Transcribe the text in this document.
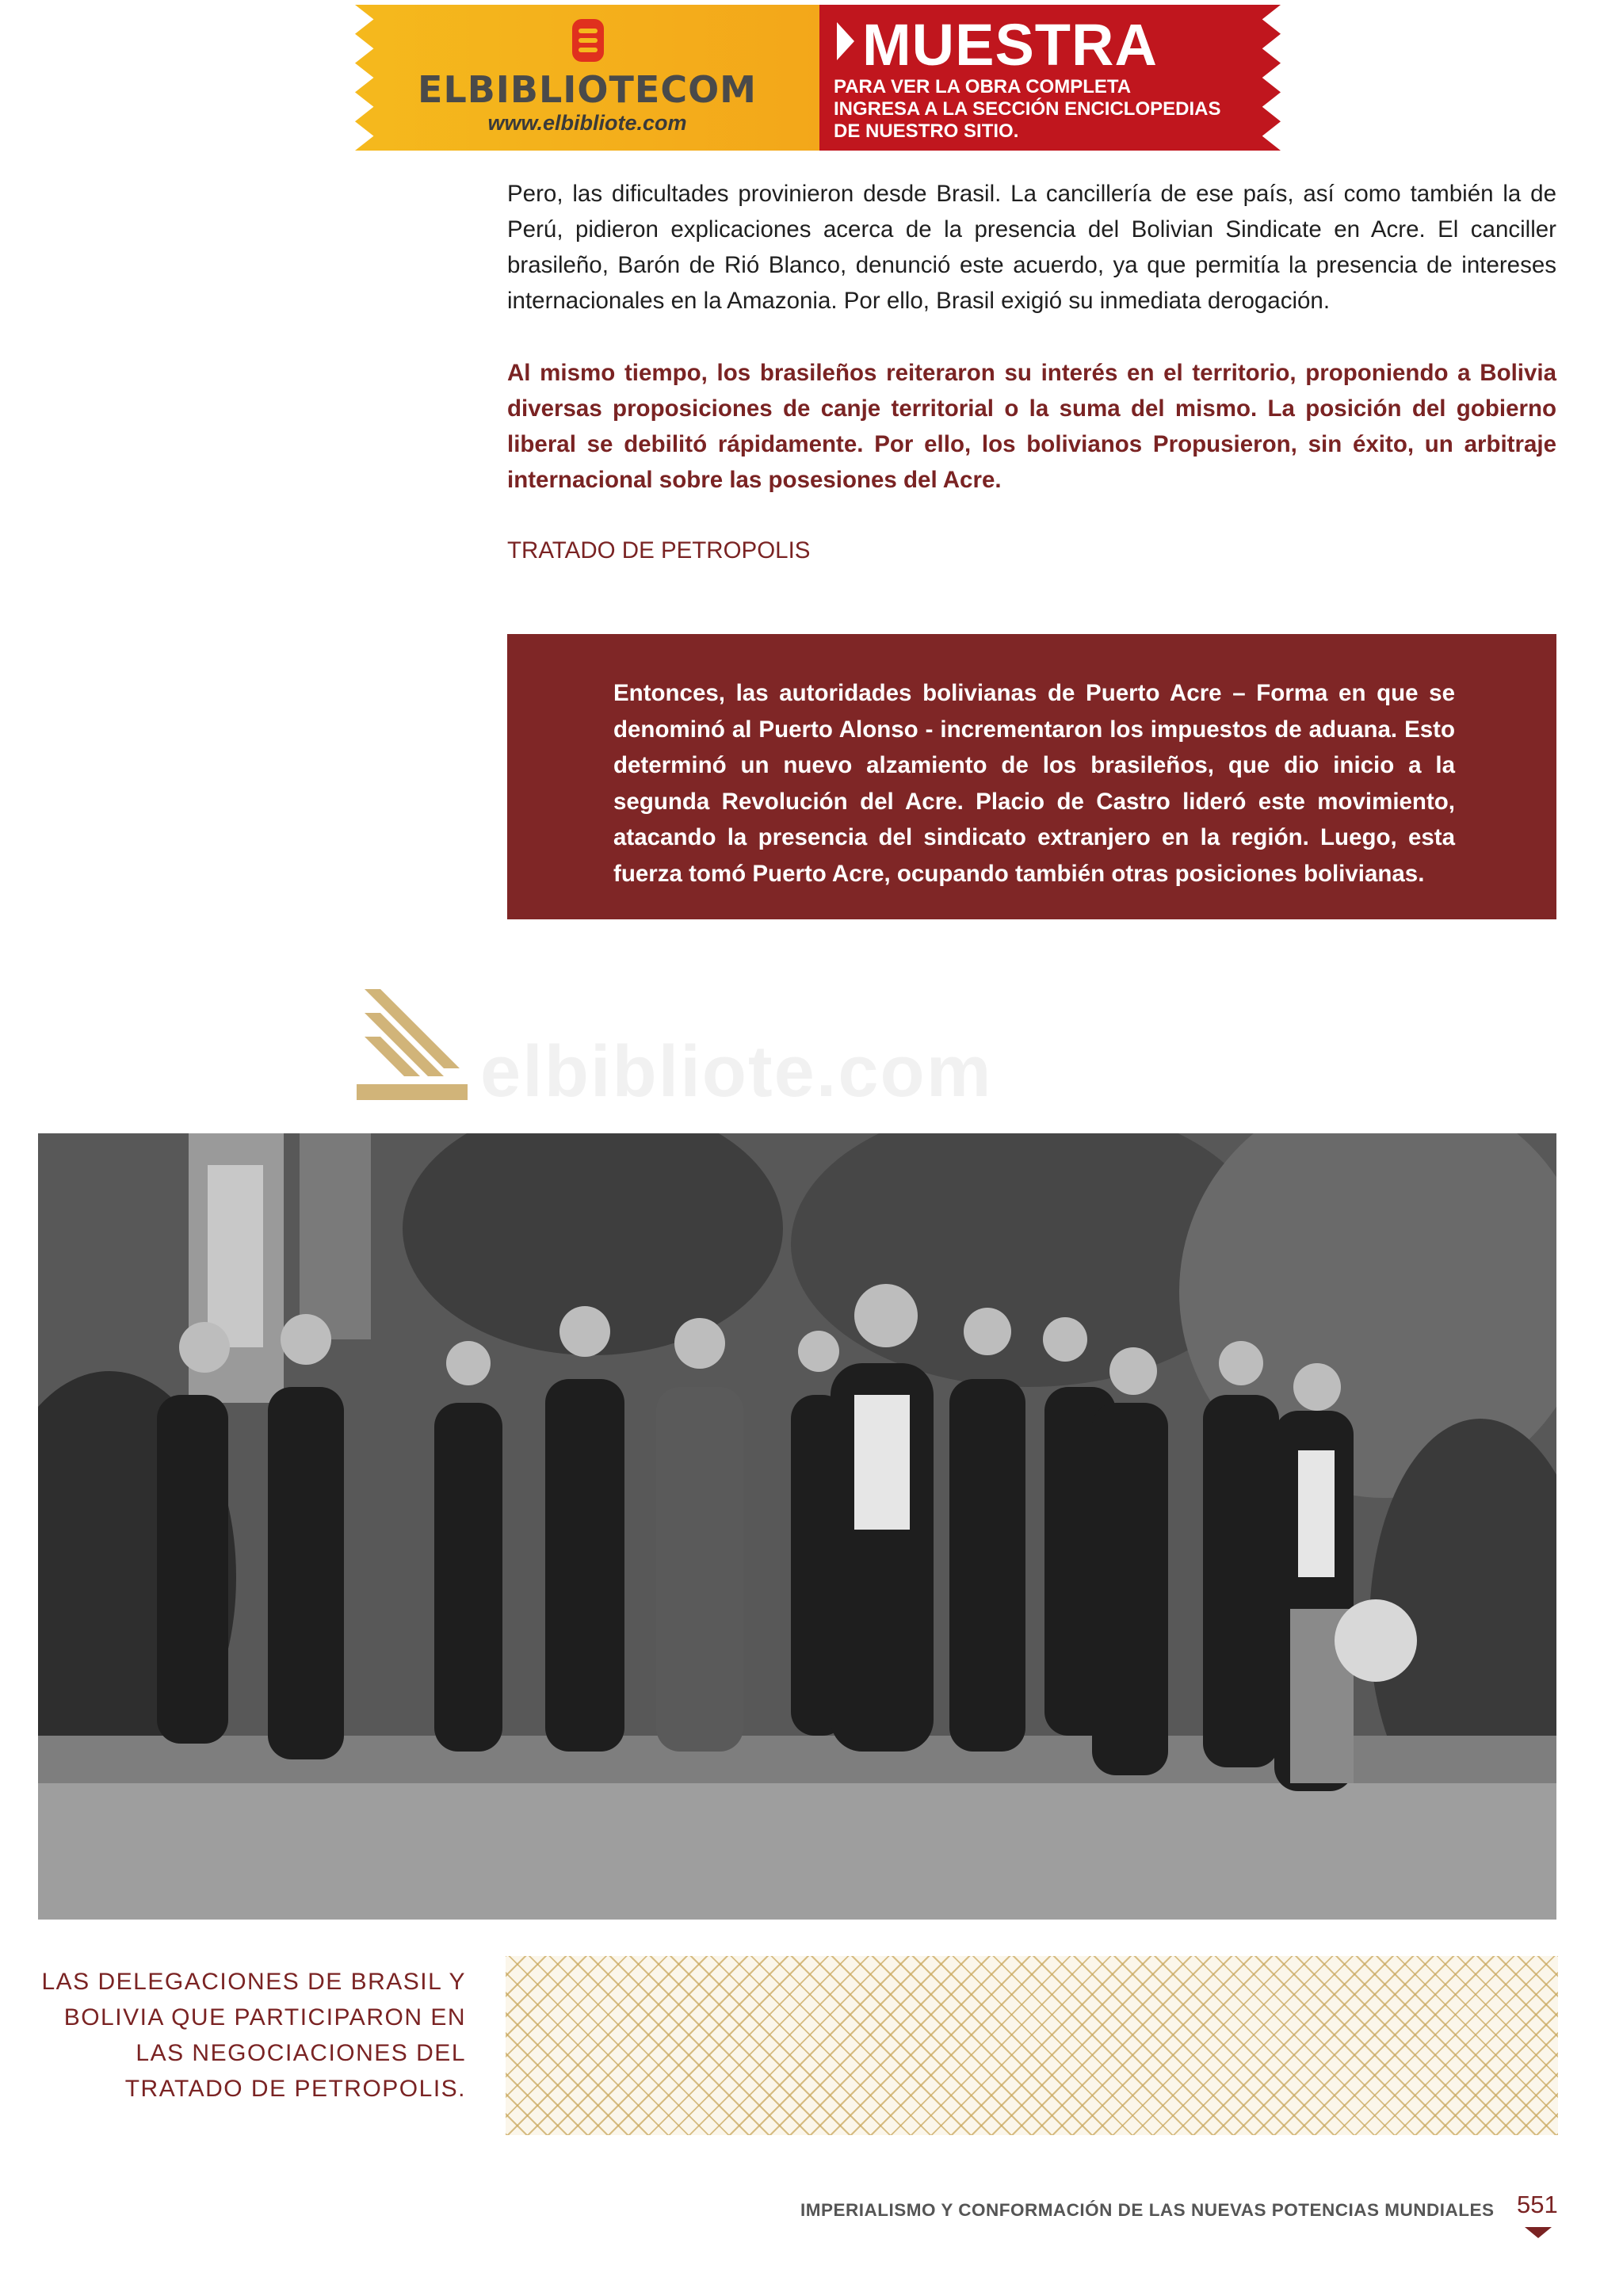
ELBIBLIOTECOM
www.elbibliote.com
MUESTRA
PARA VER LA OBRA COMPLETA
INGRESA A LA SECCIÓN ENCICLOPEDIAS
DE NUESTRO SITIO.
Pero, las dificultades provinieron desde Brasil. La cancillería de ese país, así como también la de Perú, pidieron explicaciones acerca de la presencia del Bolivian Sindicate en Acre. El canciller brasileño, Barón de Rió Blanco, denunció este acuerdo, ya que permitía la presencia de intereses internacionales en la Amazonia. Por ello, Brasil exigió su inmediata derogación.
Al mismo tiempo, los brasileños reiteraron su interés en el territorio, proponiendo a Bolivia diversas proposiciones de canje territorial o la suma del mismo. La posición del gobierno liberal se debilitó rápidamente. Por ello, los bolivianos Propusieron, sin éxito, un arbitraje internacional sobre las posesiones del Acre.
TRATADO DE PETROPOLIS
Entonces, las autoridades bolivianas de Puerto Acre – Forma en que se denominó al Puerto Alonso - incrementaron los impuestos de aduana. Esto determinó un nuevo alzamiento de los brasileños, que dio inicio a la segunda Revolución del Acre. Placio de Castro lideró este movimiento, atacando la presencia del sindicato extranjero en la región. Luego, esta fuerza tomó Puerto Acre, ocupando también otras posiciones bolivianas.
elbibliote.com
LAS DELEGACIONES DE BRASIL Y BOLIVIA QUE PARTICIPARON EN LAS NEGOCIACIONES DEL TRATADO DE PETROPOLIS.
IMPERIALISMO Y CONFORMACIÓN DE LAS NUEVAS POTENCIAS MUNDIALES 551
